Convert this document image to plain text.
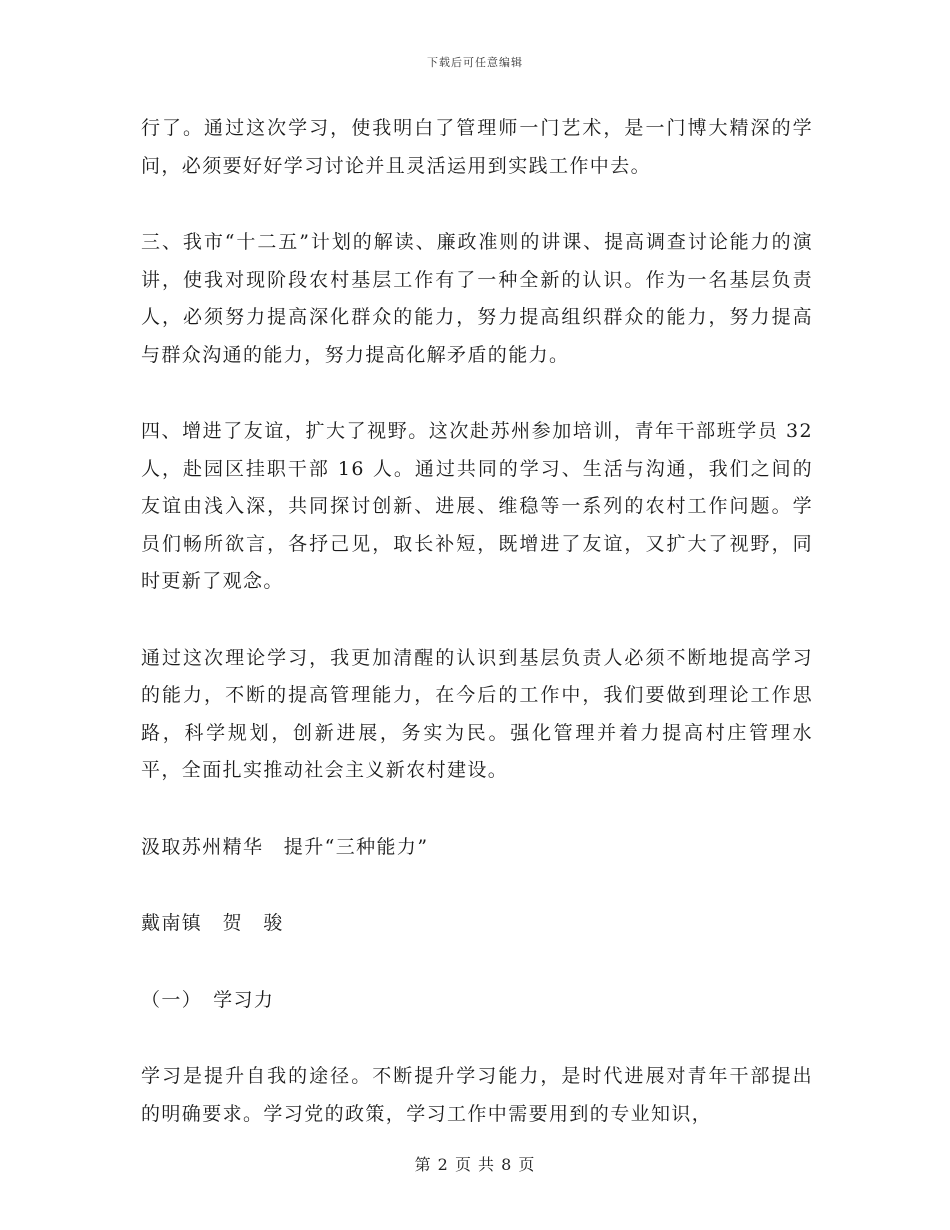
下载后可任意编辑

行了。通过这次学习，使我明白了管理师一门艺术，是一门博大精深的学问，必须要好好学习讨论并且灵活运用到实践工作中去。

三、我市“十二五”计划的解读、廉政准则的讲课、提高调查讨论能力的演讲，使我对现阶段农村基层工作有了一种全新的认识。作为一名基层负责人，必须努力提高深化群众的能力，努力提高组织群众的能力，努力提高与群众沟通的能力，努力提高化解矛盾的能力。

四、增进了友谊，扩大了视野。这次赴苏州参加培训，青年干部班学员 32 人，赴园区挂职干部 16 人。通过共同的学习、生活与沟通，我们之间的友谊由浅入深，共同探讨创新、进展、维稳等一系列的农村工作问题。学员们畅所欲言，各抒己见，取长补短，既增进了友谊，又扩大了视野，同时更新了观念。

通过这次理论学习，我更加清醒的认识到基层负责人必须不断地提高学习的能力，不断的提高管理能力，在今后的工作中，我们要做到理论工作思路，科学规划，创新进展，务实为民。强化管理并着力提高村庄管理水平，全面扎实推动社会主义新农村建设。

汲取苏州精华　提升“三种能力”

戴南镇　贺　骏

（一）　学习力

学习是提升自我的途径。不断提升学习能力，是时代进展对青年干部提出的明确要求。学习党的政策，学习工作中需要用到的专业知识，

第 2 页 共 8 页
